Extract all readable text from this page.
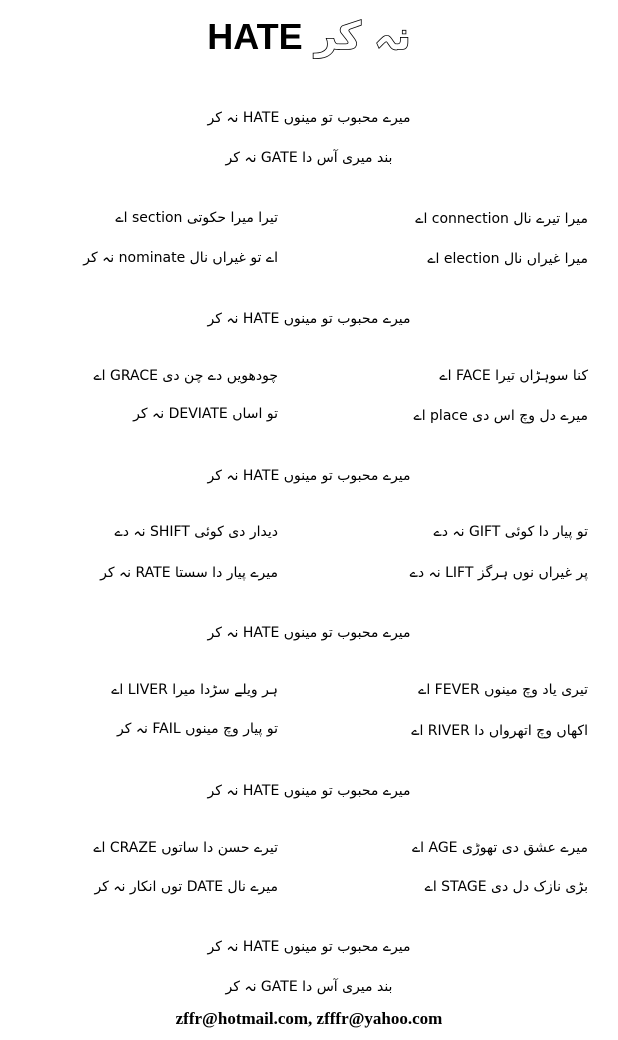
نہ کر HATE
میرے محبوب تو مینوں HATE نہ کر
بند میری آس دا GATE نہ کر
میرا تیرے نال connection اے
تیرا میرا حکوتی section اے
میرا غیراں نال election اے
اے تو غیراں نال nominate نہ کر
میرے محبوب تو مینوں HATE نہ کر
کنا سوہڑاں تیرا FACE اے
چودھویں دے چن دی GRACE اے
میرے دل وچ اس دی place اے
تو اساں DEVIATE نہ کر
میرے محبوب تو مینوں HATE نہ کر
تو پیار دا کوئی GIFT نہ دے
دیدار دی کوئی SHIFT نہ دے
پر غیراں نوں ہرگز LIFT نہ دے
میرے پیار دا سستا RATE نہ کر
میرے محبوب تو مینوں HATE نہ کر
تیری یاد وچ مینوں FEVER اے
ہر ویلے سڑدا میرا LIVER اے
اکھاں وچ اتھرواں دا RIVER اے
تو پیار وچ مینوں FAIL نہ کر
میرے محبوب تو مینوں HATE نہ کر
میرے عشق دی تھوڑی AGE اے
تیرے حسن دا ساتوں CRAZE اے
بڑی نازک دل دی STAGE اے
میرے نال DATE توں انکار نہ کر
میرے محبوب تو مینوں HATE نہ کر
بند میری آس دا GATE نہ کر
zffr@hotmail.com, zfffr@yahoo.com
